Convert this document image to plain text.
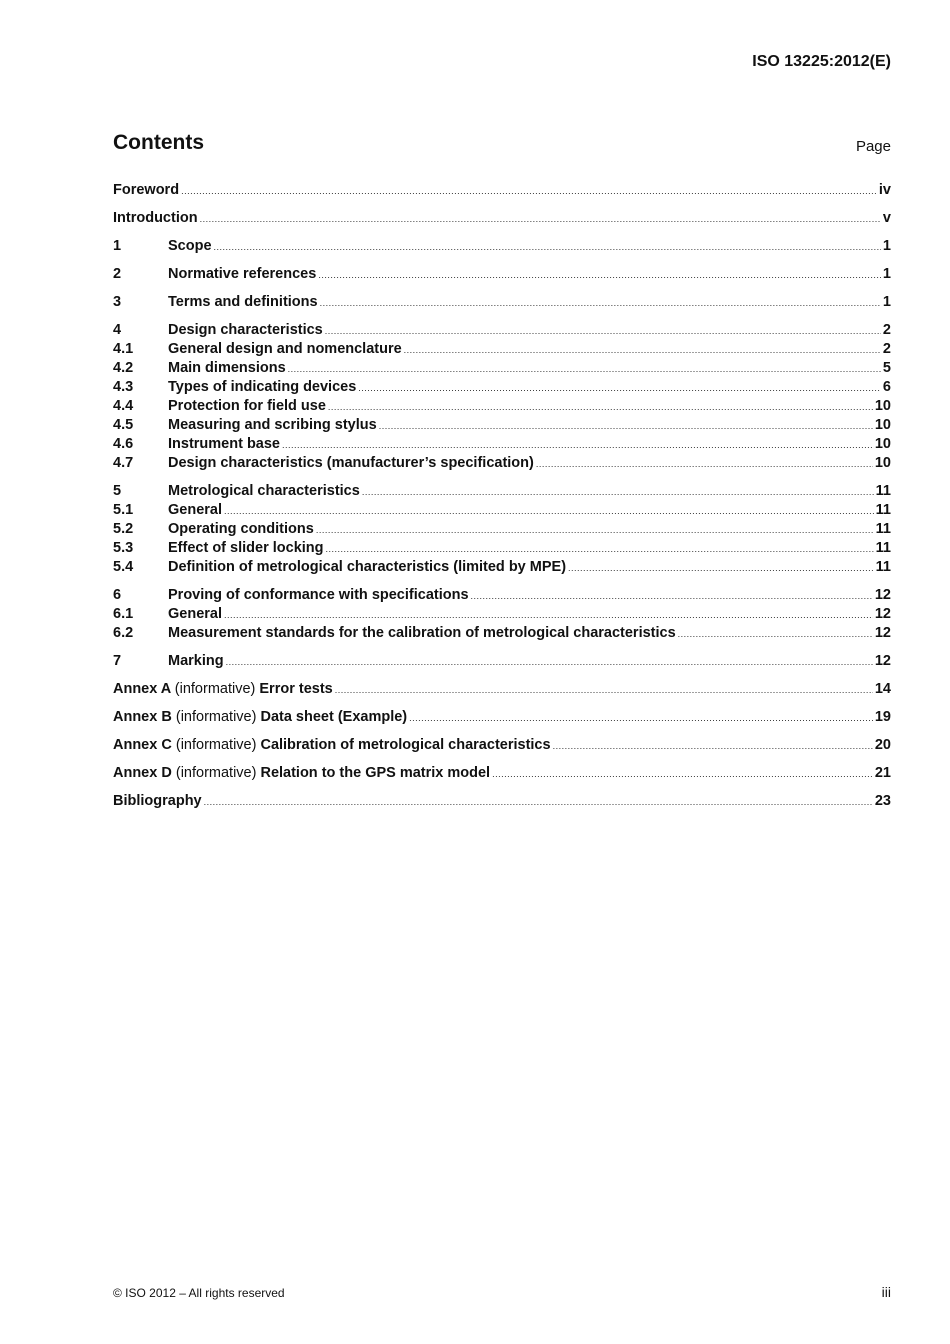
ISO 13225:2012(E)
Contents	Page
Foreword .....	iv
Introduction .....	v
1	Scope .....	1
2	Normative references .....	1
3	Terms and definitions .....	1
4	Design characteristics .....	2
4.1	General design and nomenclature .....	2
4.2	Main dimensions .....	5
4.3	Types of indicating devices .....	6
4.4	Protection for field use .....	10
4.5	Measuring and scribing stylus .....	10
4.6	Instrument base .....	10
4.7	Design characteristics (manufacturer’s specification) .....	10
5	Metrological characteristics .....	11
5.1	General .....	11
5.2	Operating conditions .....	11
5.3	Effect of slider locking .....	11
5.4	Definition of metrological characteristics (limited by MPE) .....	11
6	Proving of conformance with specifications .....	12
6.1	General .....	12
6.2	Measurement standards for the calibration of metrological characteristics .....	12
7	Marking .....	12
Annex A (informative) Error tests .....	14
Annex B (informative) Data sheet (Example) .....	19
Annex C (informative) Calibration of metrological characteristics .....	20
Annex D (informative) Relation to the GPS matrix model .....	21
Bibliography .....	23
© ISO 2012 – All rights reserved	iii
